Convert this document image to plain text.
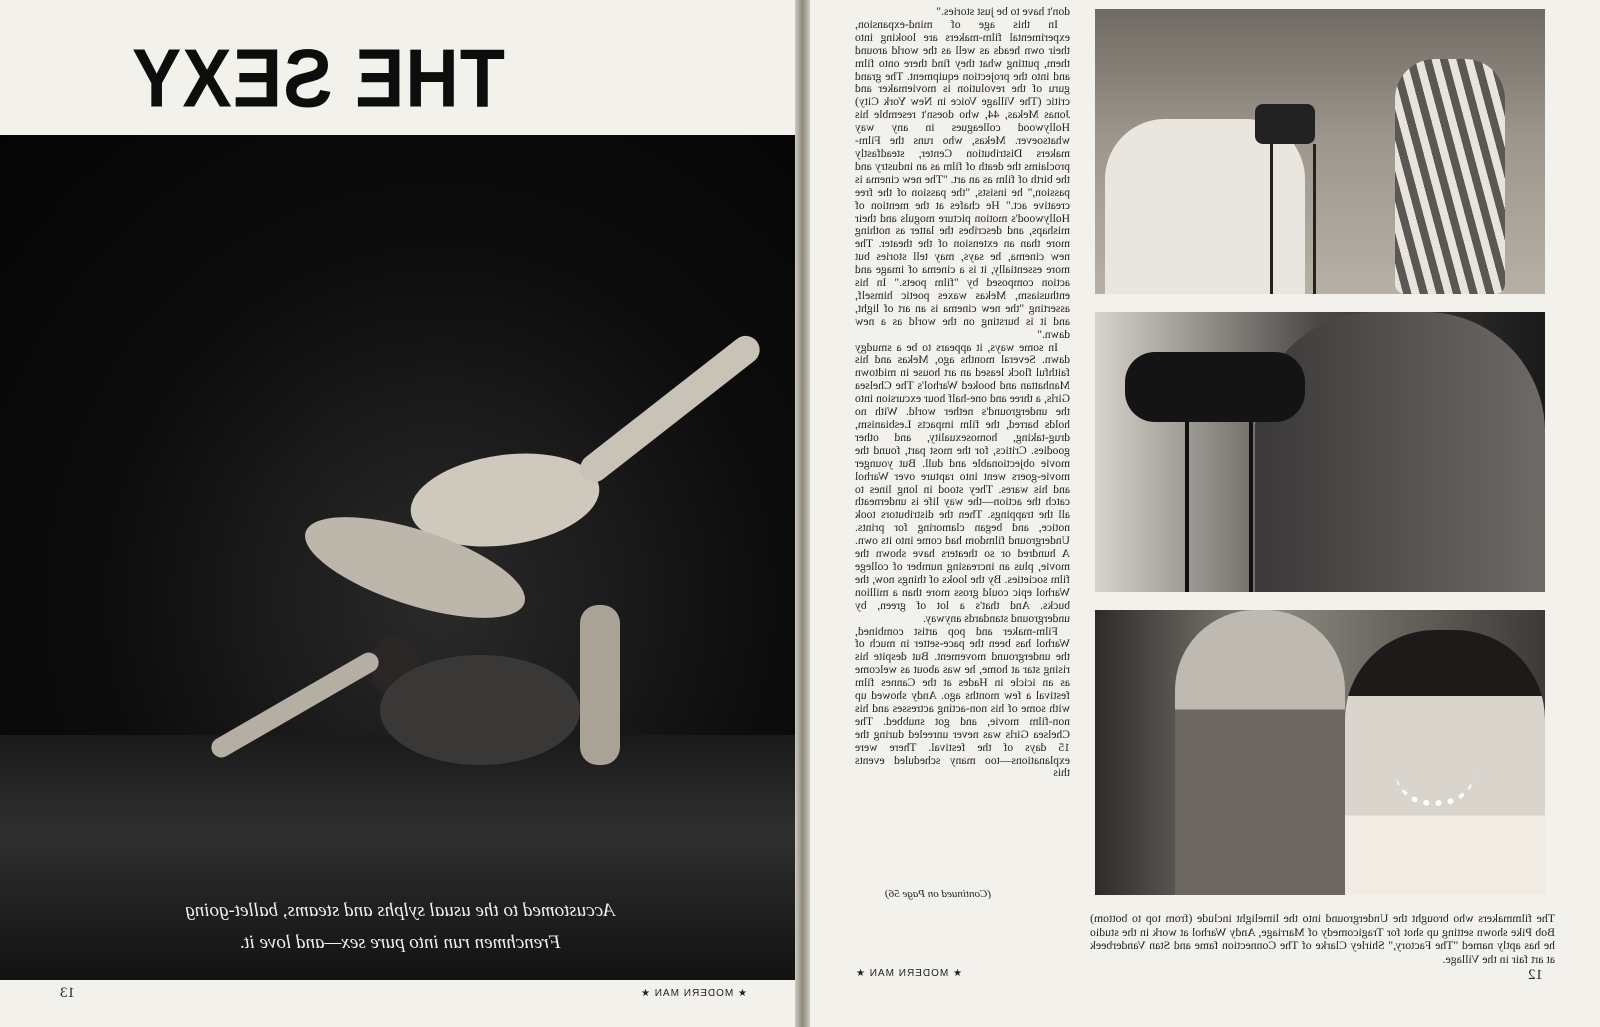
THE SEXY
Accustomed to the usual sylphs and steams, ballet-going
Frenchmen run into pure sex—and love it.
13	★ MODERN MAN ★

don't have to be just stories."

In this age of mind-expansion, experimental film-makers are looking into their own heads as well as the world around them, putting what they find there onto film and into the projection equipment. The grand guru of the revolution is moviemaker and critic (The Village Voice in New York City) Jonas Mekas, 44, who doesn't resemble his Hollywood colleagues in any way whatsoever. Mekas, who runs the Film-makers Distribution Center, steadfastly proclaims the death of film as an industry and the birth of film as an art. "The new cinema is passion," he insists, "the passion of the free creative act." He chafes at the mention of Hollywood's motion picture moguls and their mishaps, and describes the latter as nothing more than an extension of the theater. The new cinema, he says, may tell stories but more essentially, it is a cinema of image and action composed by "film poets." In his enthusiasm, Mekas waxes poetic himself, asserting "the new cinema is an art of light, and it is bursting on the world as a new dawn."

In some ways, it appears to be a smudgy dawn. Several months ago, Mekas and his faithful flock leased an art house in midtown Manhattan and booked Warhol's The Chelsea Girls, a three and one-half hour excursion into the underground's nether world. With no holds barred, the film impacts Lesbianism, drug-taking, homosexuality, and other goodies. Critics, for the most part, found the movie objectionable and dull. But younger movie-goers went into rapture over Warhol and his wares. They stood in long lines to catch the action—the way life is underneath all the trappings. Then the distributors took notice, and began clamoring for prints. Underground filmdom had come into its own. A hundred or so theaters have shown the movie, plus an increasing number of college film societies. By the looks of things now, the Warhol epic could gross more than a million bucks. And that's a lot of green, by underground standards anyway.

Film-maker and pop artist combined, Warhol has been the pace-setter in much of the underground movement. But despite his rising star at home, he was about as welcome as an icicle in Hades at the Cannes film festival a few months ago. Andy showed up with some of his non-acting actresses and his non-film movie, and got snubbed. The Chelsea Girls was never unreeled during the 15 days of the festival. There were explanations—too many scheduled events this

(Continued on Page 56)
The filmmakers who brought the Underground into the limelight include (from top to bottom) Bob Pike shown setting up shot for Tragicomedy of Marriage, Andy Warhol at work in the studio he has aptly named "The Factory," Shirley Clarke of The Connection fame and Stan Vanderbeek at art fair in the Village.
12
★ MODERN MAN ★
